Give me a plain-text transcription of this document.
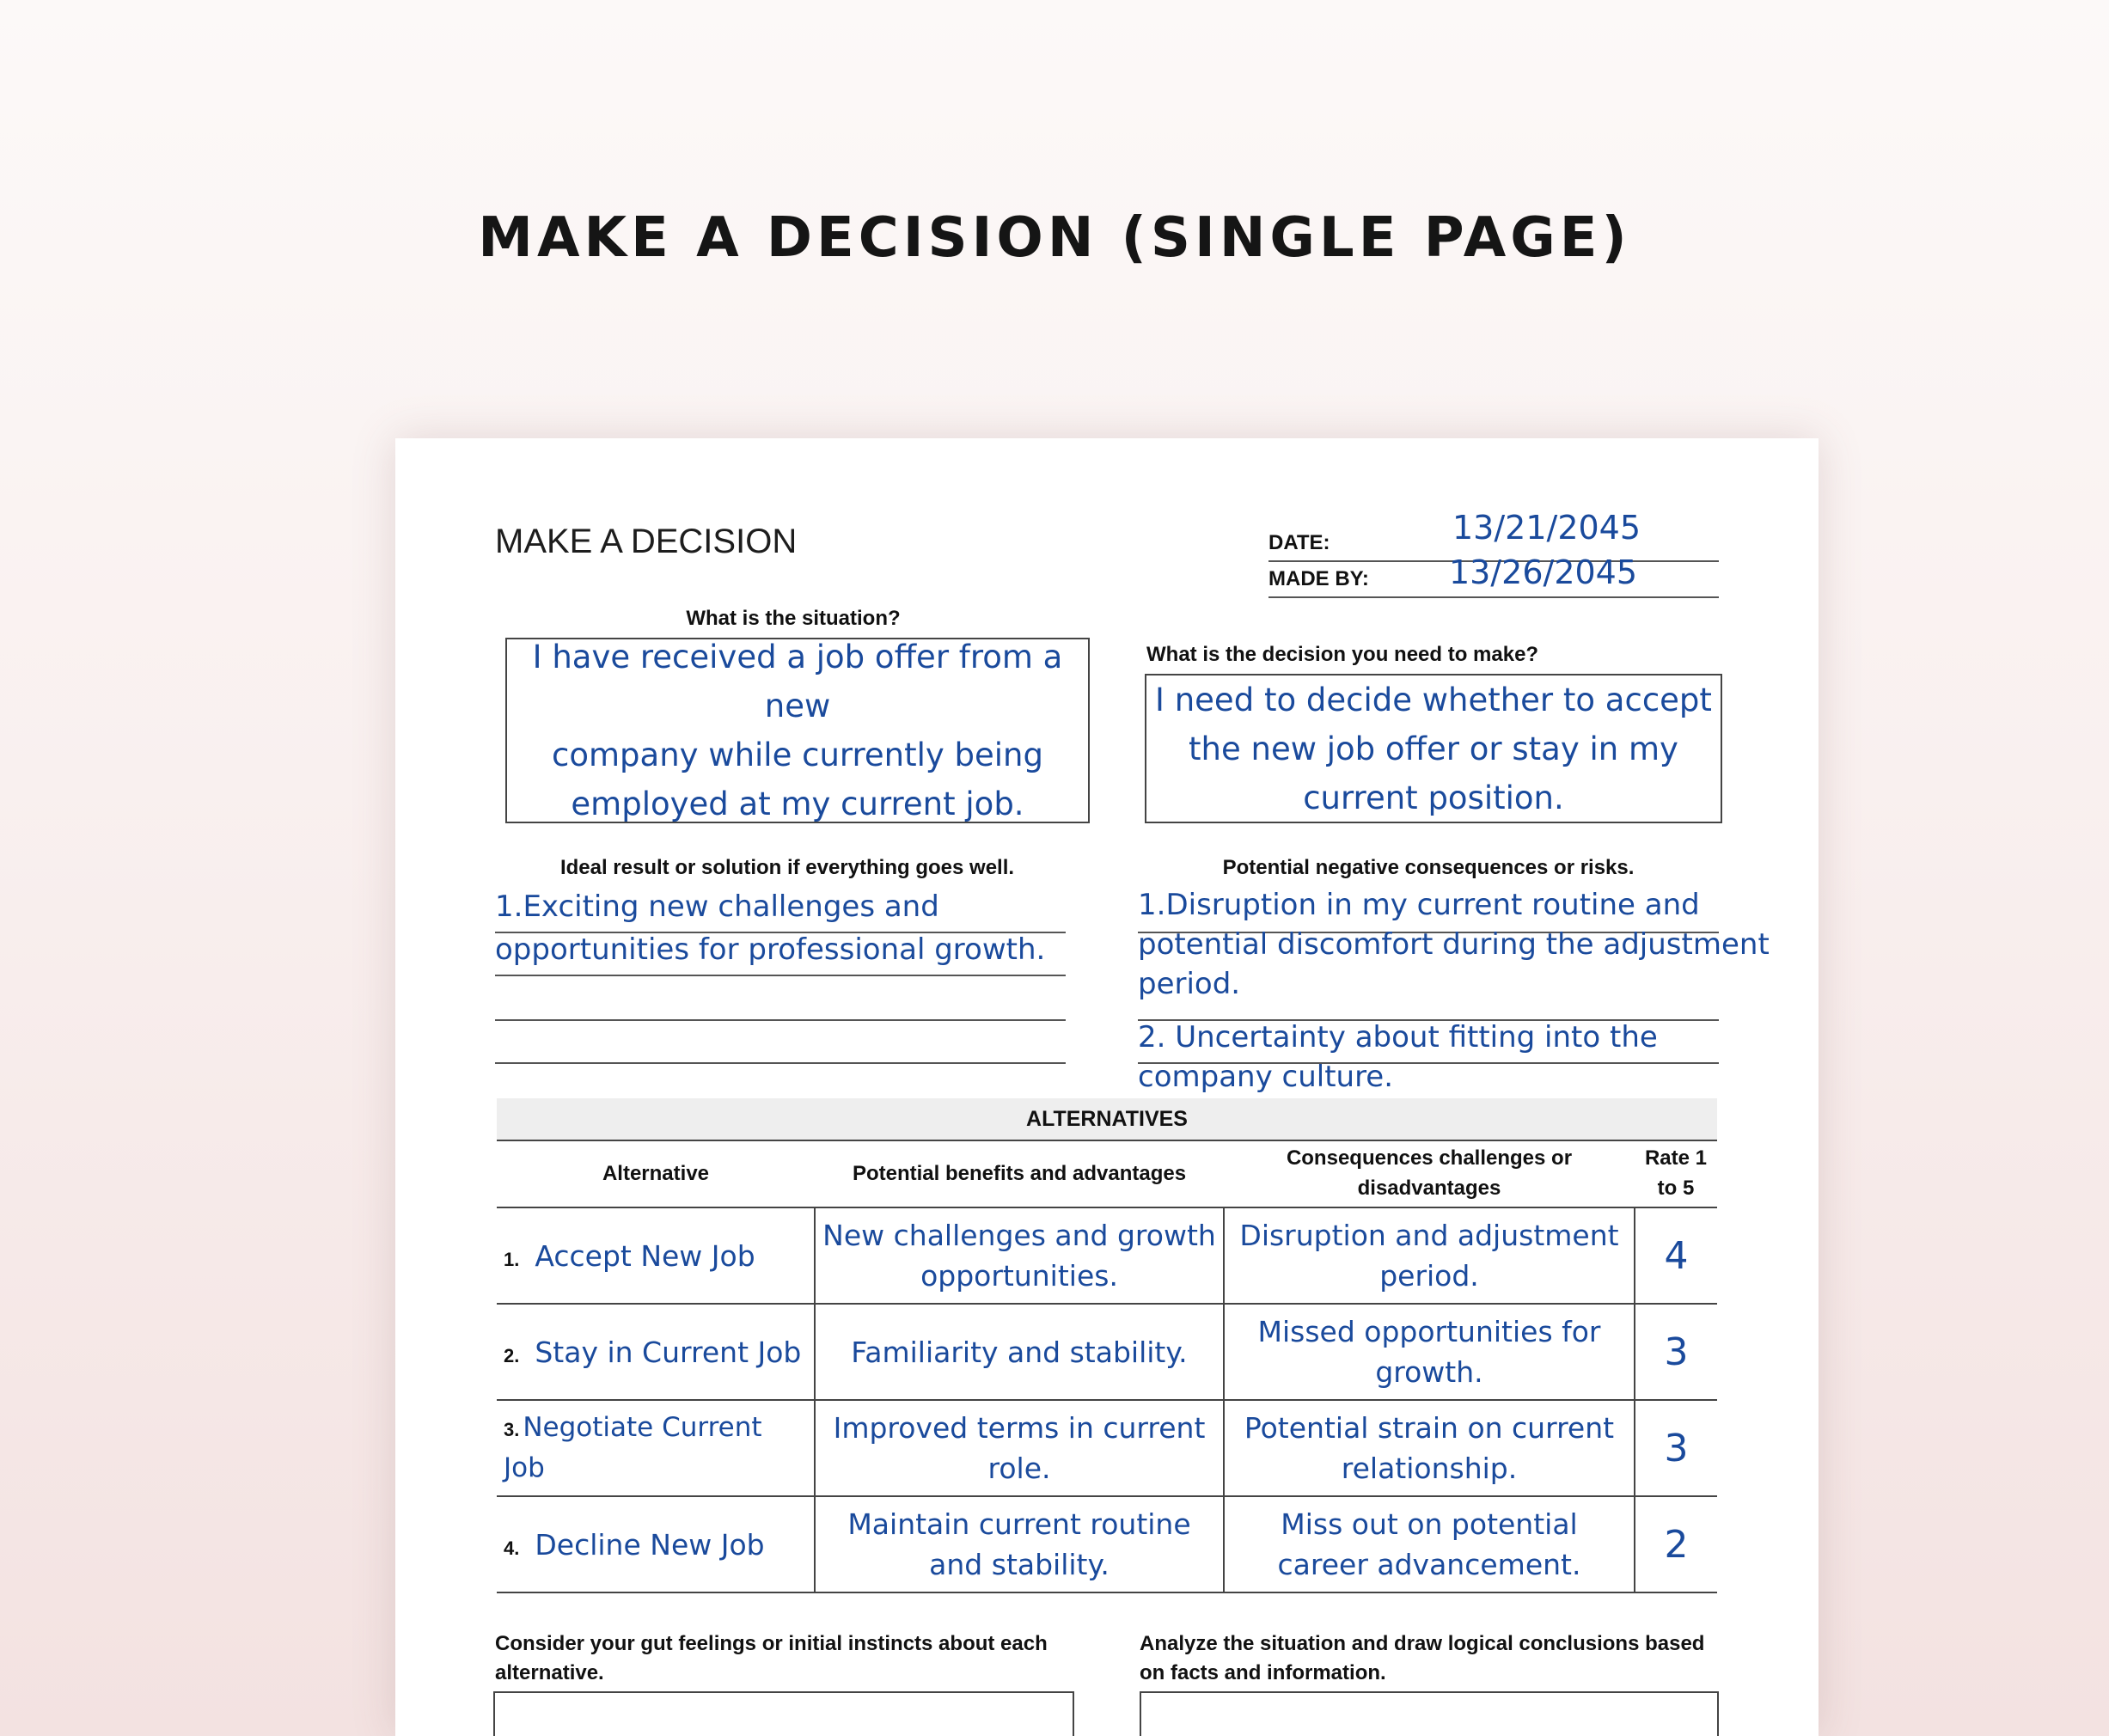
MAKE A DECISION (SINGLE PAGE)
MAKE A DECISION	DATE:	13/21/2045
MADE BY: 13/26/2045
What is the situation?
I have received a job offer from a new
company while currently being
employed at my current job.
What is the decision you need to make?
I need to decide whether to accept
the new job offer or stay in my
current position.
Ideal result or solution if everything goes well.
1.Exciting new challenges and
opportunities for professional growth.
Potential negative consequences or risks.
1.Disruption in my current routine and
potential discomfort during the adjustment
period.
2. Uncertainty about fitting into the
company culture.
ALTERNATIVES
Alternative	Potential benefits and advantages	Consequences challenges or disadvantages	Rate 1 to 5
1. Accept New Job	New challenges and growth opportunities.	Disruption and adjustment period.	4
2. Stay in Current Job	Familiarity and stability.	Missed opportunities for growth.	3
3. Negotiate Current Job	Improved terms in current role.	Potential strain on current relationship.	3
4. Decline New Job	Maintain current routine and stability.	Miss out on potential career advancement.	2
Consider your gut feelings or initial instincts about each alternative.
Analyze the situation and draw logical conclusions based on facts and information.
